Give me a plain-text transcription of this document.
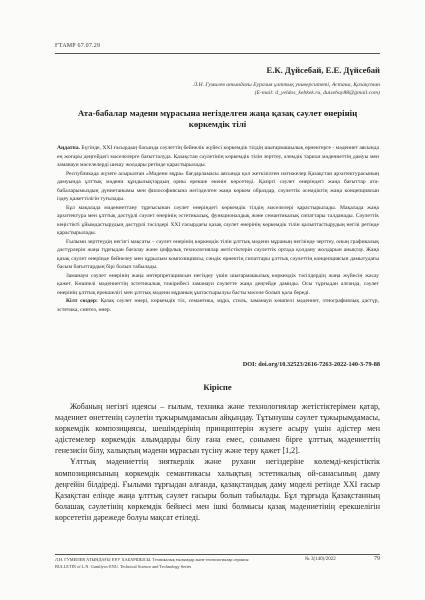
ҒТАМР 67.07.29
Е.К. Дүйсебай, Е.Е. Дүйсебай
Л.Н. Гумилев атындағы Еуразия ұлттық университеті, Астана, Қазақстан
(E-mail: d_yeldos_kebkek.ru, duisebay88@gmail.com)
Ата-бабалар мәдени мұрасына негізделген жаңа қазақ сәулет өнерінің көркемдік тілі

Аңдатпа. Бүгінде, XXI ғасырдың басында сәулеттің бейнелік жүйесі көркемдік тілдің шығармашылық өрнектерге - мәдениет аясында ең жоғары деңгейдегі мәселелерге бағытталуда. Қазақстан сәулетінің көркемдік тілін зерттеу, әлемдік тарихи мәдениеттің дамуы мен заманауи мәселелерді шешу жолдары ретінде қарастырылады.

Республикада жүзеге асырылған «Мәдени мұра» бағдарламасы аясында қол жеткізілген нәтижелер Қазақстан архитектурасының дамуында ұлттық мәдени құндылықтардың орны ерекше екенін көрсетеді. Қазіргі сәулет өнеріндегі жаңа бағыттар ата-бабаларымыздың дүниетанымы мен философиясына негізделген жаңа көркем образдар, сәулеттік әсемдіктің жаңа концепциясын іздеу қажеттілігін туғызады.

Бұл мақалада мәдениеттану тұрғысынан сәулет өнеріндегі көркемдік тілдің мәселелері қарастырылады. Мақалада жаңа архитектура мен ұлттық дәстүрлі сәулет өнерінің эстетикалық, функционалдық және семантикалық сипаттары талданады. Сәулеттік кеңістікті ұйымдастырудың дәстүрлі тәсілдері XXI ғасырдағы қазақ сәулет өнерінің көркемдік тілін қалыптастырудың негізі ретінде қарастырылады.

Ғылыми зерттеудің негізгі мақсаты – сәулет өнерінің көркемдік тілін ұлттық мәдени мұраның негізінде зерттеу, оның графикалық дәстүрлерін жаңа тұрғыдан бағалау және цифрлық технологиялар жетістіктерін сәулеттік ортада қолдану жолдарын анықтау. Жаңа қазақ сәулет өнерінде бейнелеу мен құрылым композициясы, сәндік өрнектің сипаттары ұлттық сәулеттің концепциясын дамытудағы басым бағыттардың бірі болып табылады.

Заманауи сәулет өнерінің жаңа интерпретациясын негіздеу үшін шығармашылық көркемдік тәсілдердің жаңа жүйесін жасау қажет. Көшпелі мәдениеттің эстетикалық тәжірибесі заманауи сәулетте жаңа деңгейде дамиды. Осы тұрғыдан алғанда, сәулет өнерінің ұлттық ерекшелігі мен ұлттық мәдени мұраның ұштастырылуы басты мәселе болып қала береді.

Кілт сөздер: Қазақ сәулет өнері, көркемдік тіл, семантика, мұра, стиль, заманауи көшпелі мәдениет, этнографиялық дәстүр, эстетика, синтез, өнер.

DOI: doi.org/10.32523/2616-7263-2022-140-3-79-88
Кіріспе

Жобаның негізгі идеясы – ғылым, техника және технологиялар жетістіктерімен қатар, мәдениет өнеттенің сәулетін тұжырымдамасын айқындау. Тұтынушы сәулет тұжырымдамасы, көркемдік композициясы, шешімдерінің принциптерін жүзеге асыру үшін әдістер мен әдістемелер көркемдік алымдарды білу ғана емес, сонымен бірге ұлттық мәдениеттің генезисін білу, халықтың мәдени мұрасын түсіну және теру қажет [1,2].

Ұлттық мәдениеттің зияткерлік және рухани негіздеріне көлемді-кеңістіктік композициясының көркемдік семантикасы халықтың эстетикалық ой-санасының даму деңгейін білдіреді. Ғылыми тұрғыдан алғанда, қазақстандық даму моделі ретінде XXI ғасыр Қазақстан елінде жаңа ұлттық сәулет ғасыры болып табылады. Бұл тұрғыда Қазақстанның болашақ сәулетінің көркемдік бейнесі мен ішкі болмысы қазақ мәдениетінің ерекшелігін көрсететін дәрежеде болуы мақсат етіледі.

Л.Н. ГУМИЛЕВ АТЫНДАҒЫ ЕҰУ ХАБАРШЫСЫ. Техникалық ғылымдар және технологиялар сериясы
BULLETIN of L.N. Gumilyov ENU. Technical Science and Technology Series
№ 3(140)/2022	79
